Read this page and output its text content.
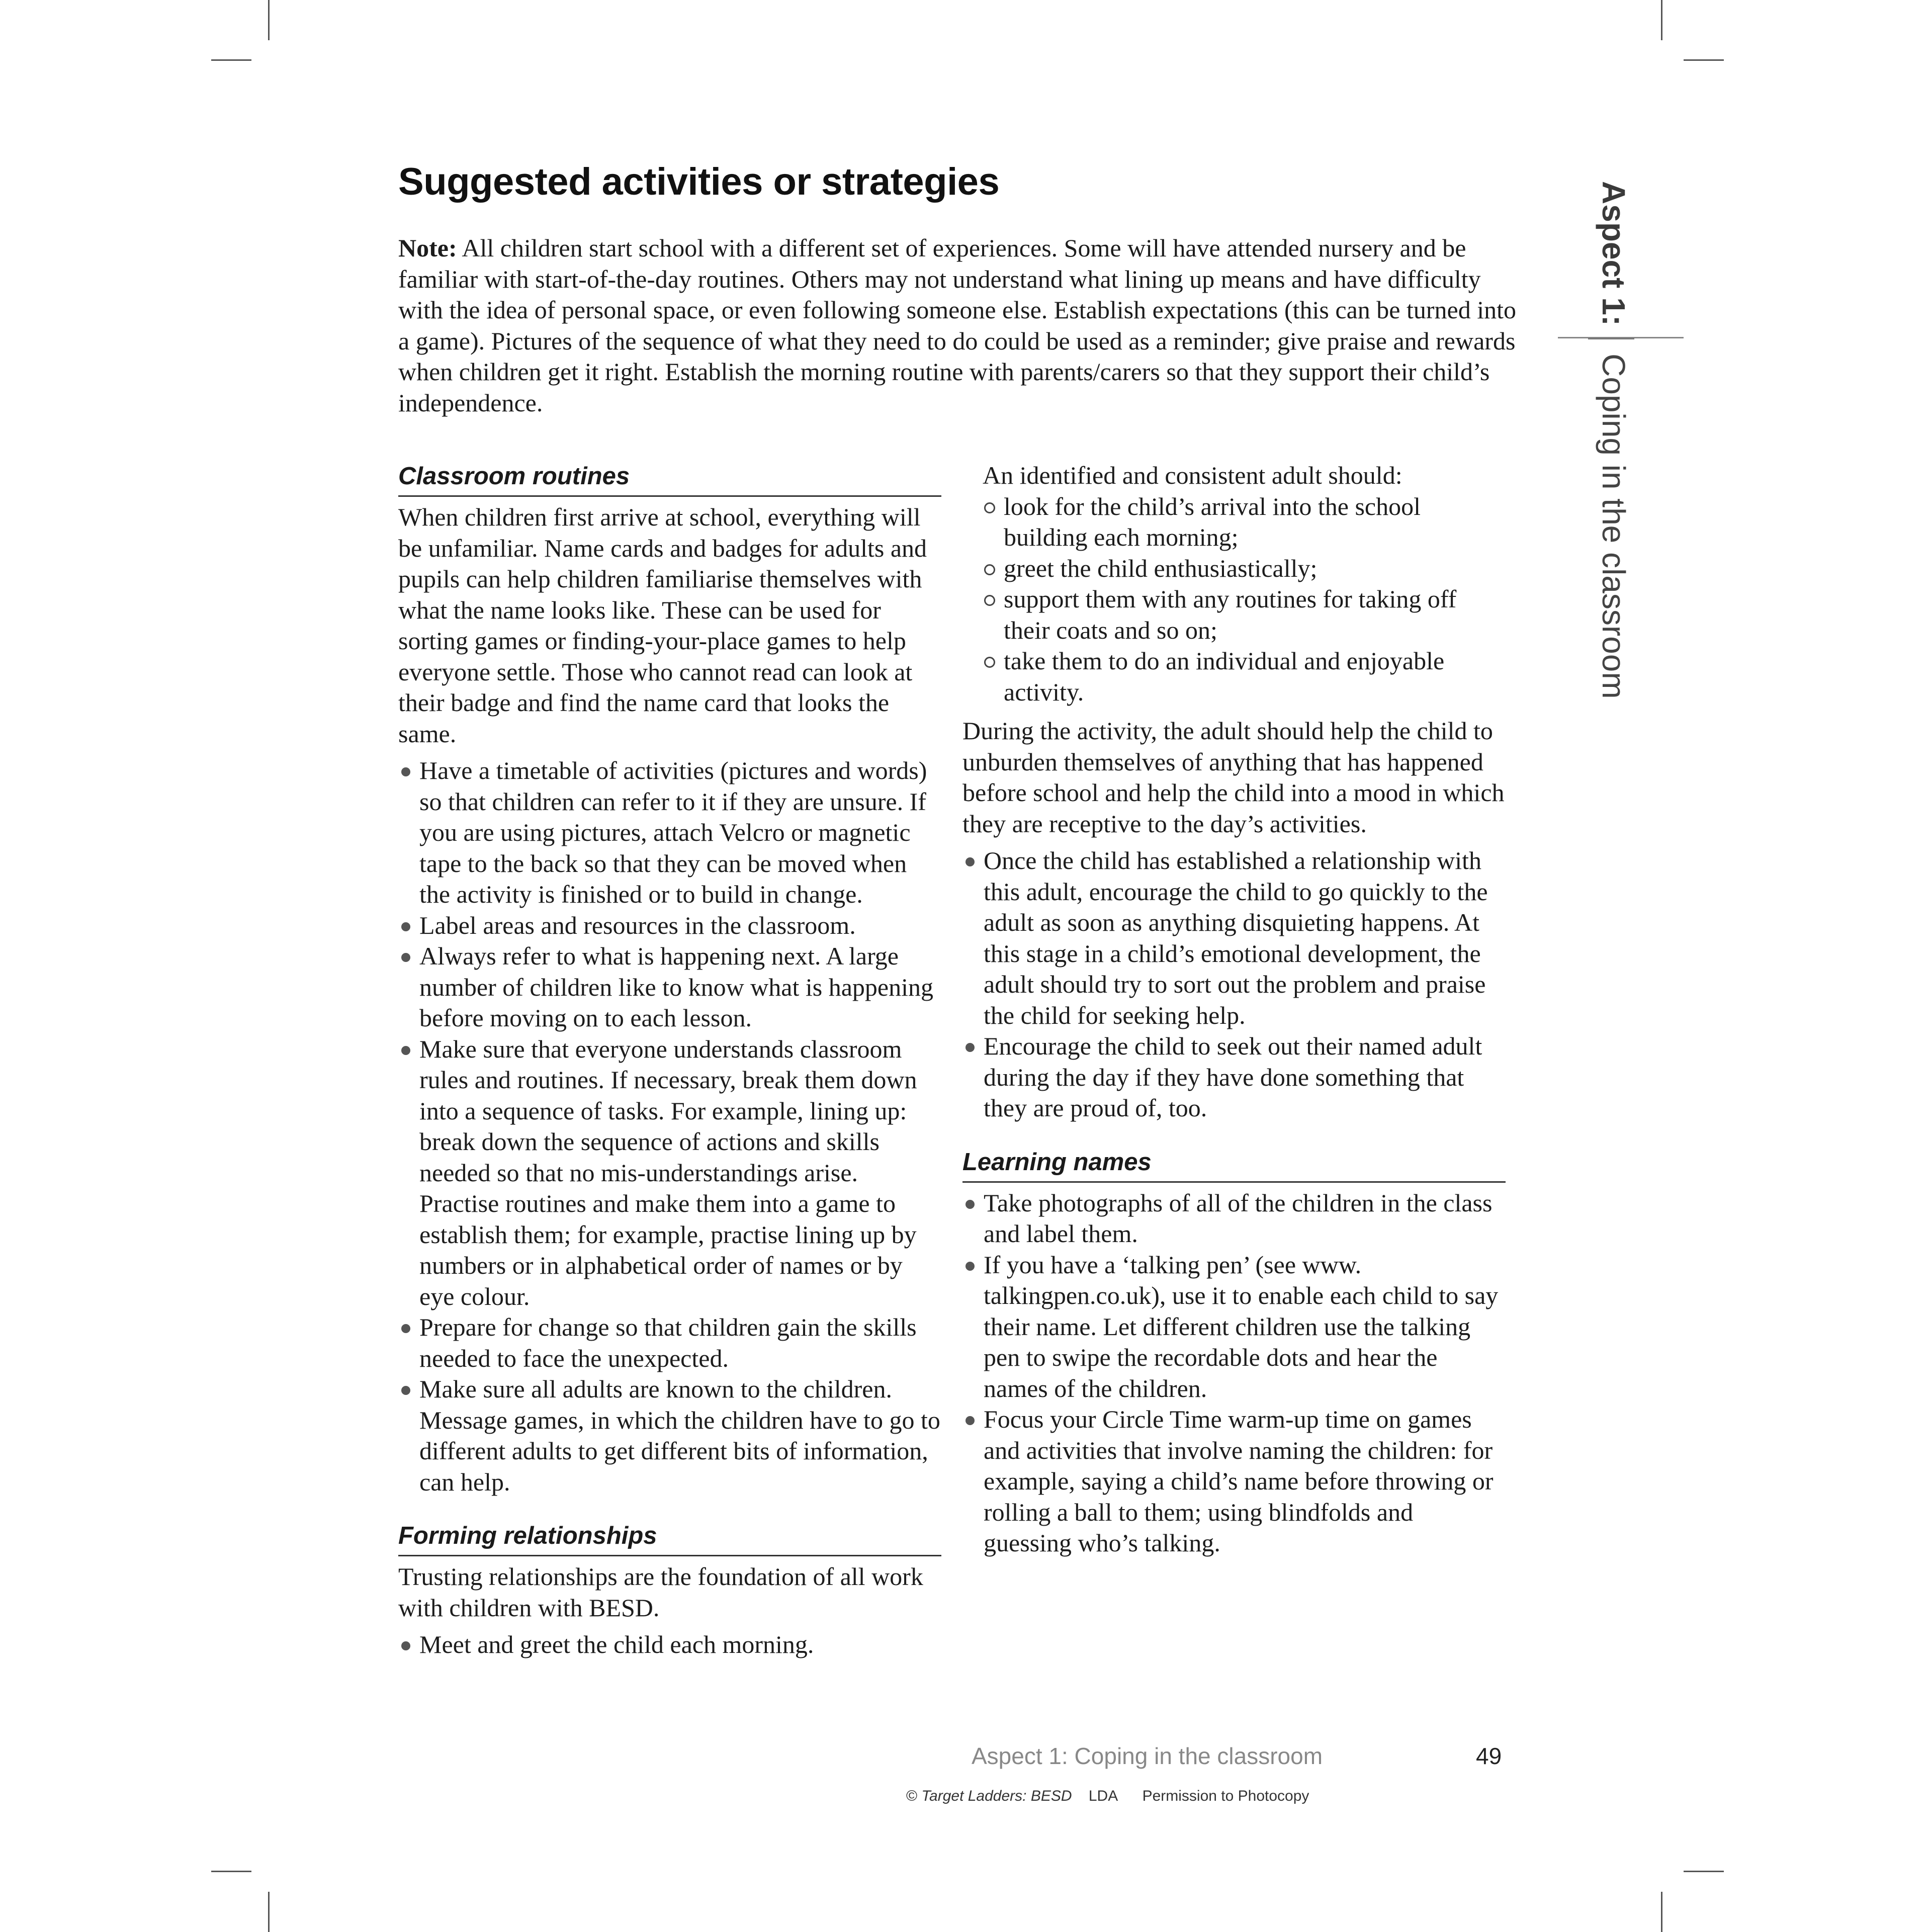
Suggested activities or strategies

Note: All children start school with a different set of experiences. Some will have attended nursery and be familiar with start-of-the-day routines. Others may not understand what lining up means and have difficulty with the idea of personal space, or even following someone else. Establish expectations (this can be turned into a game). Pictures of the sequence of what they need to do could be used as a reminder; give praise and rewards when children get it right. Establish the morning routine with parents/carers so that they support their child’s independence.

Classroom routines

When children first arrive at school, everything will be unfamiliar. Name cards and badges for adults and pupils can help children familiarise themselves with what the name looks like. These can be used for sorting games or finding-your-place games to help everyone settle. Those who cannot read can look at their badge and find the name card that looks the same.

Have a timetable of activities (pictures and words) so that children can refer to it if they are unsure. If you are using pictures, attach Velcro or magnetic tape to the back so that they can be moved when the activity is finished or to build in change.
Label areas and resources in the classroom.
Always refer to what is happening next. A large number of children like to know what is happening before moving on to each lesson.
Make sure that everyone understands classroom rules and routines. If necessary, break them down into a sequence of tasks. For example, lining up: break down the sequence of actions and skills needed so that no mis-understandings arise. Practise routines and make them into a game to establish them; for example, practise lining up by numbers or in alphabetical order of names or by eye colour.
Prepare for change so that children gain the skills needed to face the unexpected.
Make sure all adults are known to the children. Message games, in which the children have to go to different adults to get different bits of information, can help.
Forming relationships

Trusting relationships are the foundation of all work with children with BESD.

Meet and greet the child each morning.

An identified and consistent adult should:

look for the child’s arrival into the school building each morning;
greet the child enthusiastically;
support them with any routines for taking off their coats and so on;
take them to do an individual and enjoyable activity.

During the activity, the adult should help the child to unburden themselves of anything that has happened before school and help the child into a mood in which they are receptive to the day’s activities.

Once the child has established a relationship with this adult, encourage the child to go quickly to the adult as soon as anything disquieting happens. At this stage in a child’s emotional development, the adult should try to sort out the problem and praise the child for seeking help.
Encourage the child to seek out their named adult during the day if they have done something that they are proud of, too.
Learning names
Take photographs of all of the children in the class and label them.
If you have a ‘talking pen’ (see www. talkingpen.co.uk), use it to enable each child to say their name. Let different children use the talking pen to swipe the recordable dots and hear the names of the children.
Focus your Circle Time warm-up time on games and activities that involve naming the children: for example, saying a child’s name before throwing or rolling a ball to them; using blindfolds and guessing who’s talking.
Aspect 1:Coping in the classroom
Aspect 1: Coping in the classroom	49
© Target Ladders: BESD LDA Permission to Photocopy
